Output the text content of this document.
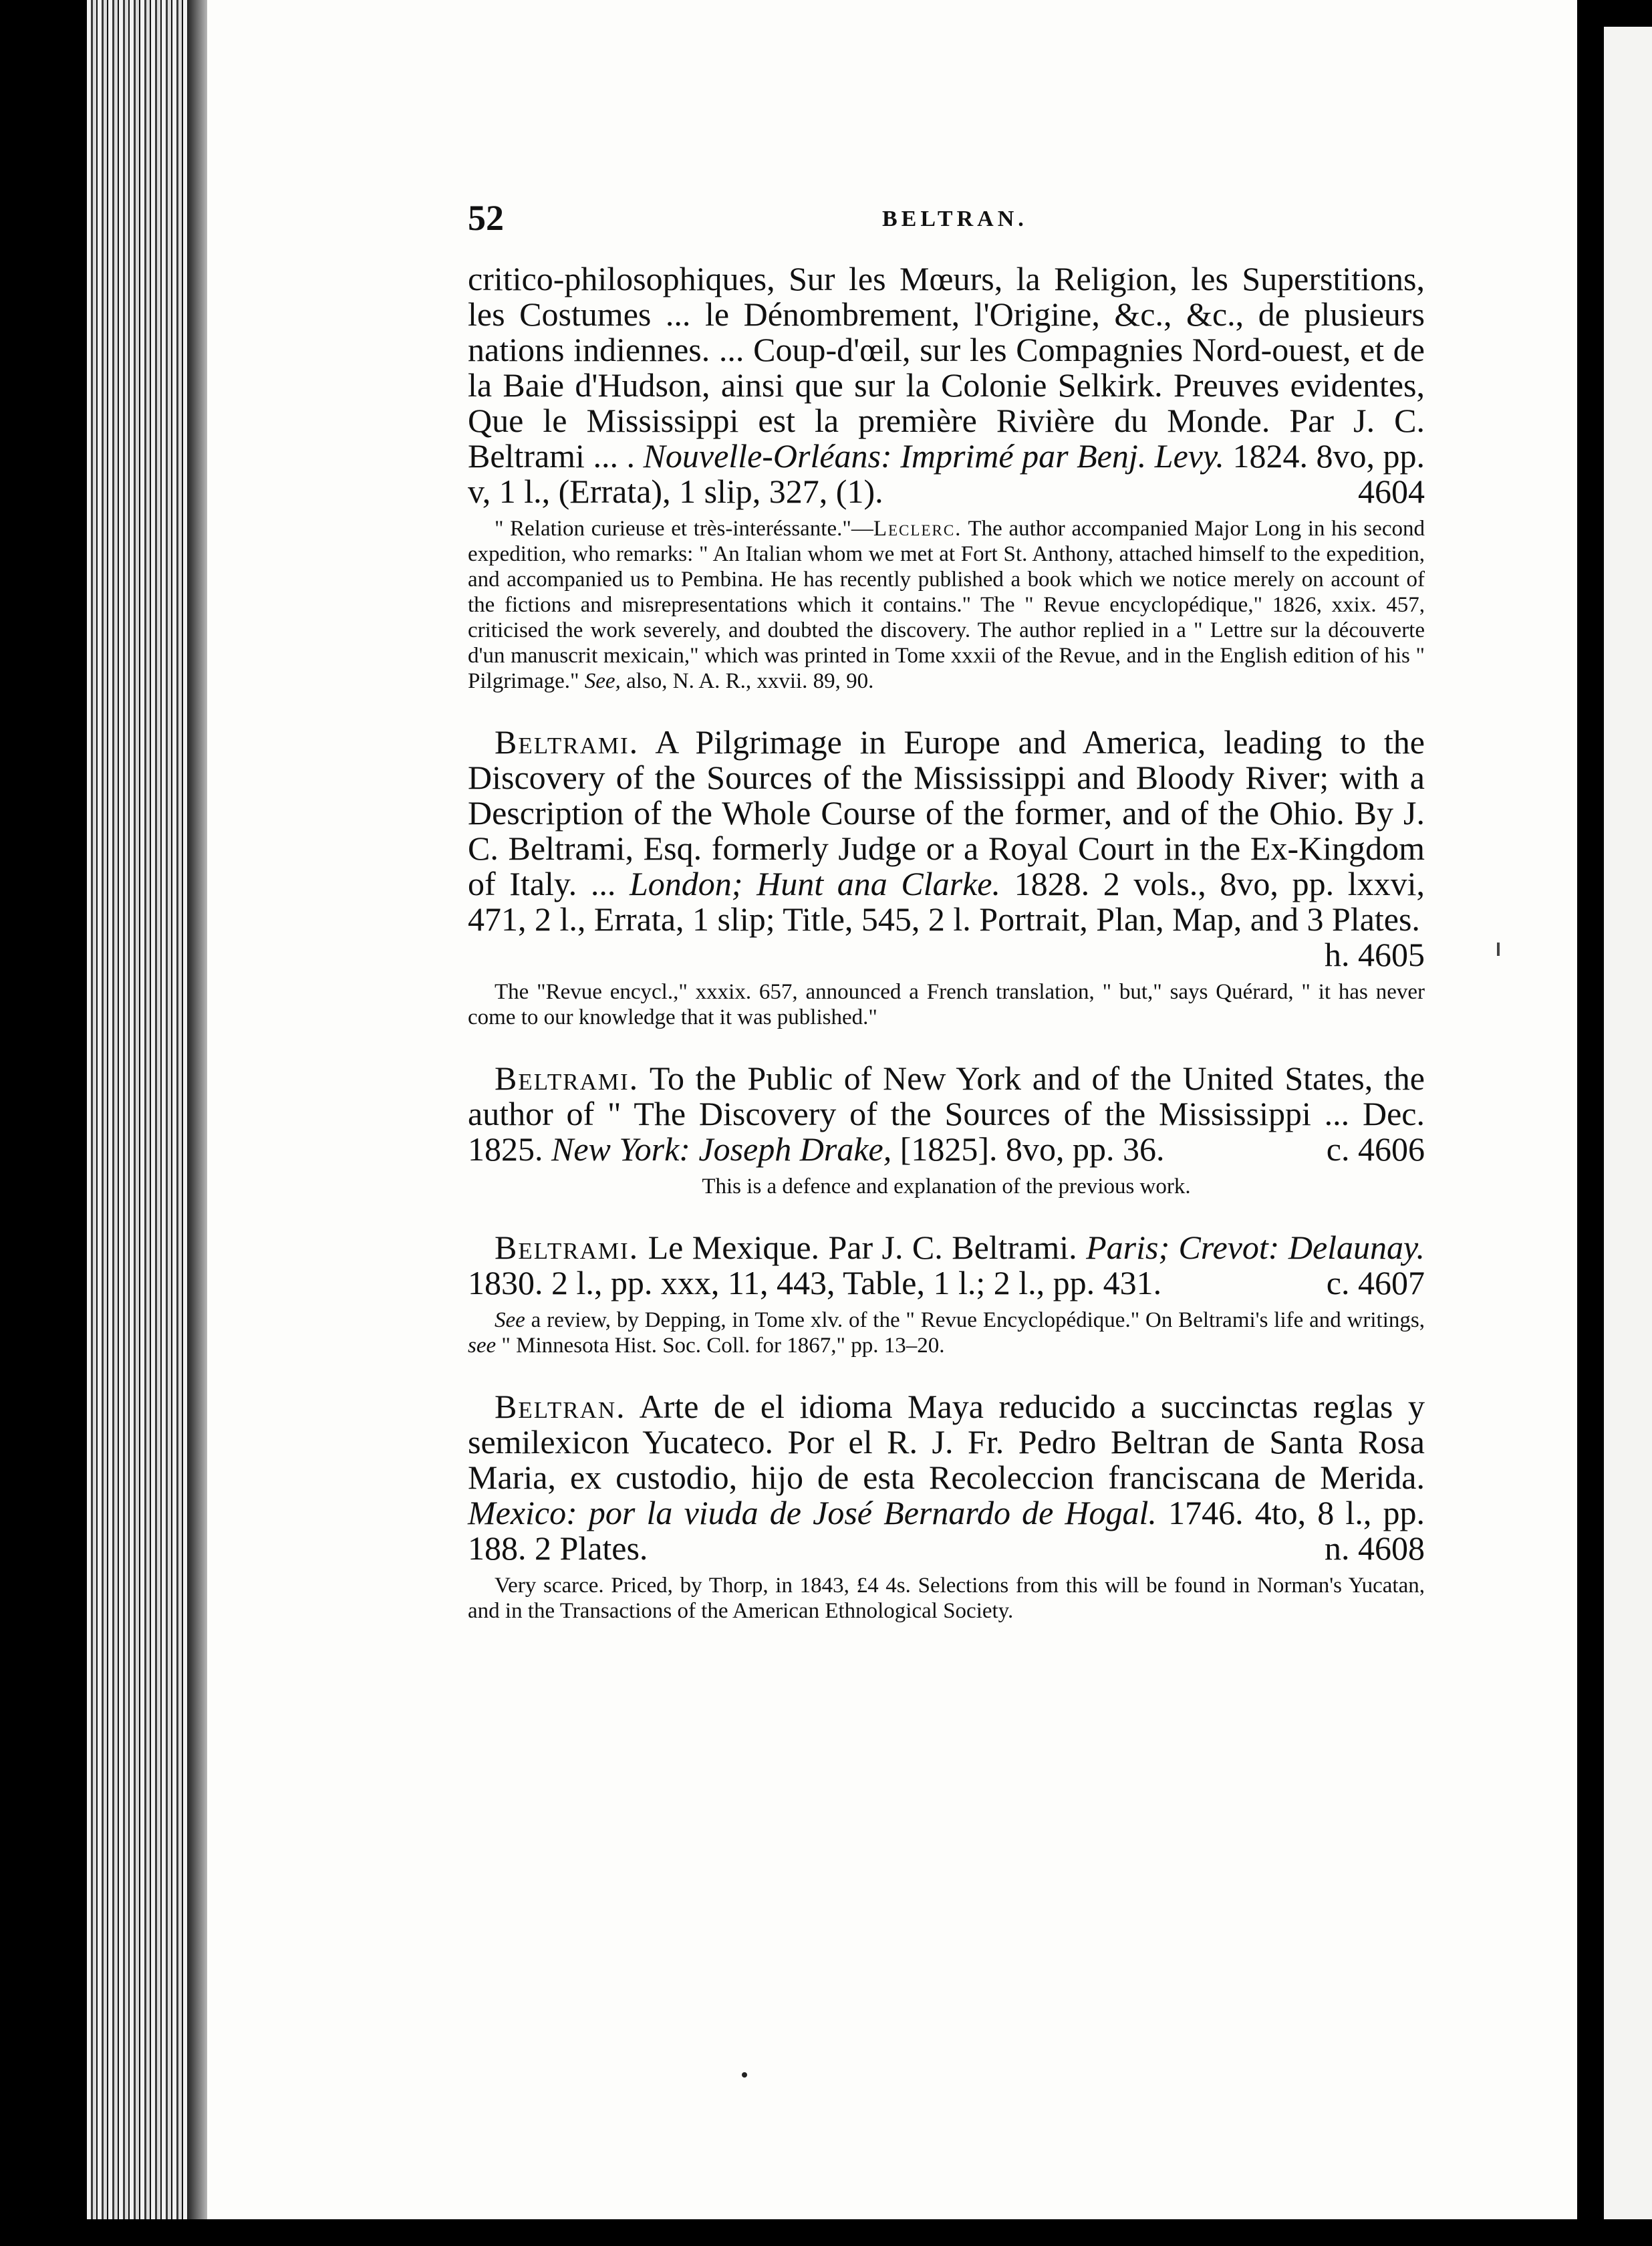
52	BELTRAN.

critico-philosophiques, Sur les Mœurs, la Religion, les Superstitions, les Costumes ... le Dénombrement, l'Origine, &c., &c., de plusieurs nations indiennes. ... Coup-d'œil, sur les Compagnies Nord-ouest, et de la Baie d'Hudson, ainsi que sur la Colonie Selkirk. Preuves evidentes, Que le Mississippi est la première Rivière du Monde. Par J. C. Beltrami ... . Nouvelle-Orléans: Imprimé par Benj. Levy. 1824. 8vo, pp. v, 1 l., (Errata), 1 slip, 327, (1).	4604

" Relation curieuse et très-interéssante."—Leclerc. The author accompanied Major Long in his second expedition, who remarks: " An Italian whom we met at Fort St. Anthony, attached himself to the expedition, and accompanied us to Pembina. He has recently published a book which we notice merely on account of the fictions and misrepresentations which it contains." The " Revue encyclopédique," 1826, xxix. 457, criticised the work severely, and doubted the discovery. The author replied in a " Lettre sur la découverte d'un manuscrit mexicain," which was printed in Tome xxxii of the Revue, and in the English edition of his " Pilgrimage." See, also, N. A. R., xxvii. 89, 90.

Beltrami. A Pilgrimage in Europe and America, leading to the Discovery of the Sources of the Mississippi and Bloody River; with a Description of the Whole Course of the former, and of the Ohio. By J. C. Beltrami, Esq. formerly Judge or a Royal Court in the Ex-Kingdom of Italy. ... London; Hunt ana Clarke. 1828. 2 vols., 8vo, pp. lxxvi, 471, 2 l., Errata, 1 slip; Title, 545, 2 l. Portrait, Plan, Map, and 3 Plates.
h. 4605

The "Revue encycl.," xxxix. 657, announced a French translation, " but," says Quérard, " it has never come to our knowledge that it was published."

Beltrami. To the Public of New York and of the United States, the author of " The Discovery of the Sources of the Mississippi ... Dec. 1825. New York: Joseph Drake, [1825]. 8vo, pp. 36.	c. 4606

This is a defence and explanation of the previous work.

Beltrami. Le Mexique. Par J. C. Beltrami. Paris; Crevot: Delaunay. 1830. 2 l., pp. xxx, 11, 443, Table, 1 l.; 2 l., pp. 431.	c. 4607

See a review, by Depping, in Tome xlv. of the " Revue Encyclopédique." On Beltrami's life and writings, see " Minnesota Hist. Soc. Coll. for 1867," pp. 13–20.

Beltran. Arte de el idioma Maya reducido a succinctas reglas y semilexicon Yucateco. Por el R. J. Fr. Pedro Beltran de Santa Rosa Maria, ex custodio, hijo de esta Recoleccion franciscana de Merida. Mexico: por la viuda de José Bernardo de Hogal. 1746. 4to, 8 l., pp. 188. 2 Plates.	n. 4608

Very scarce. Priced, by Thorp, in 1843, £4 4s. Selections from this will be found in Norman's Yucatan, and in the Transactions of the American Ethnological Society.
